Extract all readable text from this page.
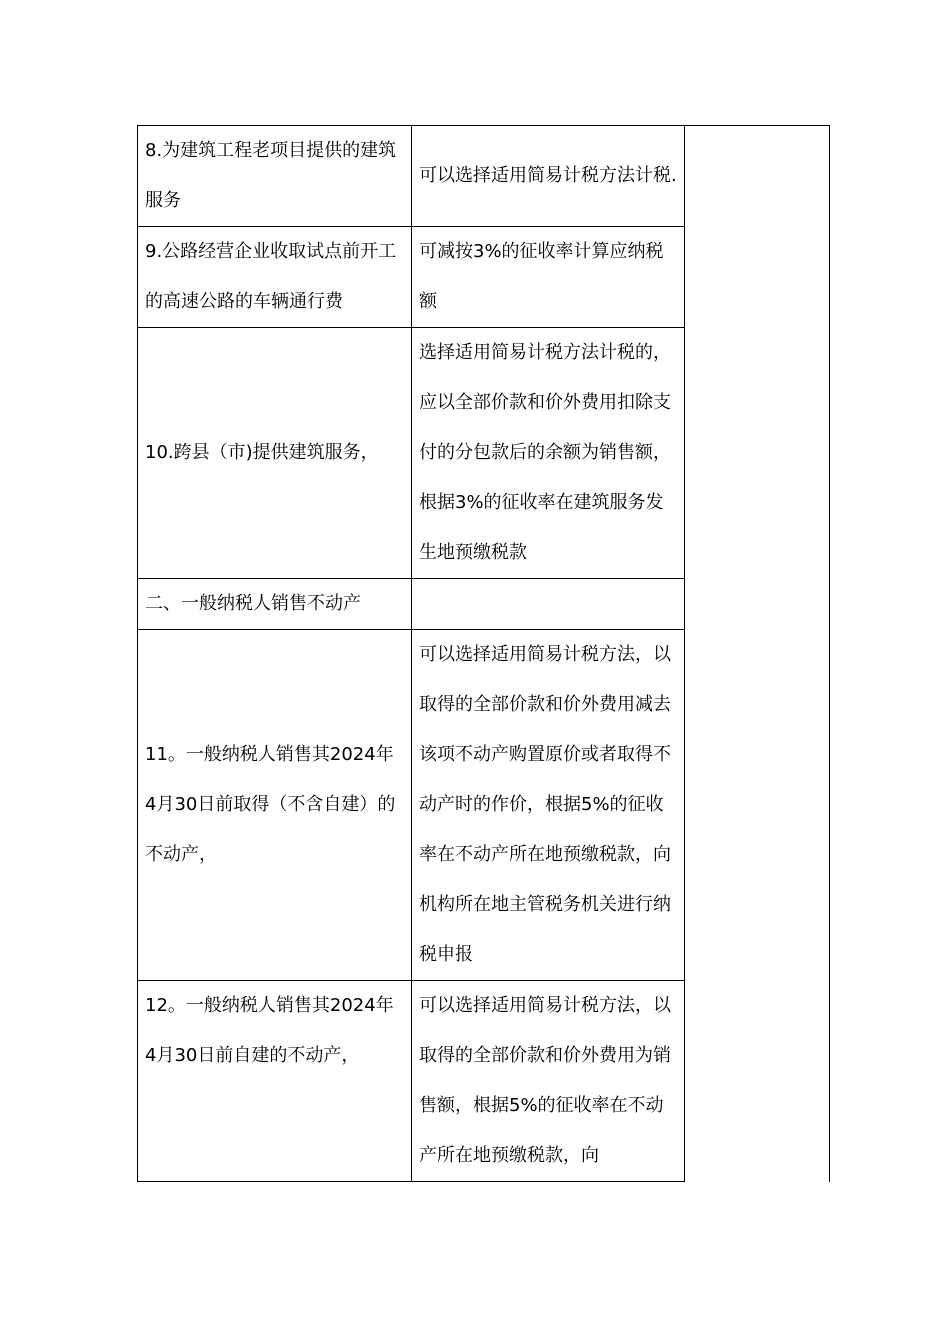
8.为建筑工程老项目提供的建筑服务	可以选择适用简易计税方法计税.	

9.公路经营企业收取试点前开工的高速公路的车辆通行费	可减按3%的征收率计算应纳税额	

10.跨县（市)提供建筑服务，	选择适用简易计税方法计税的，应以全部价款和价外费用扣除支付的分包款后的余额为销售额，根据3%的征收率在建筑服务发生地预缴税款	

二、一般纳税人销售不动产		

11。一般纳税人销售其2024年4月30日前取得（不含自建）的不动产，	可以选择适用简易计税方法，以取得的全部价款和价外费用减去该项不动产购置原价或者取得不动产时的作价，根据5%的征收率在不动产所在地预缴税款，向机构所在地主管税务机关进行纳税申报	

12。一般纳税人销售其2024年4月30日前自建的不动产，	可以选择适用简易计税方法，以取得的全部价款和价外费用为销售额，根据5%的征收率在不动产所在地预缴税款，向	
